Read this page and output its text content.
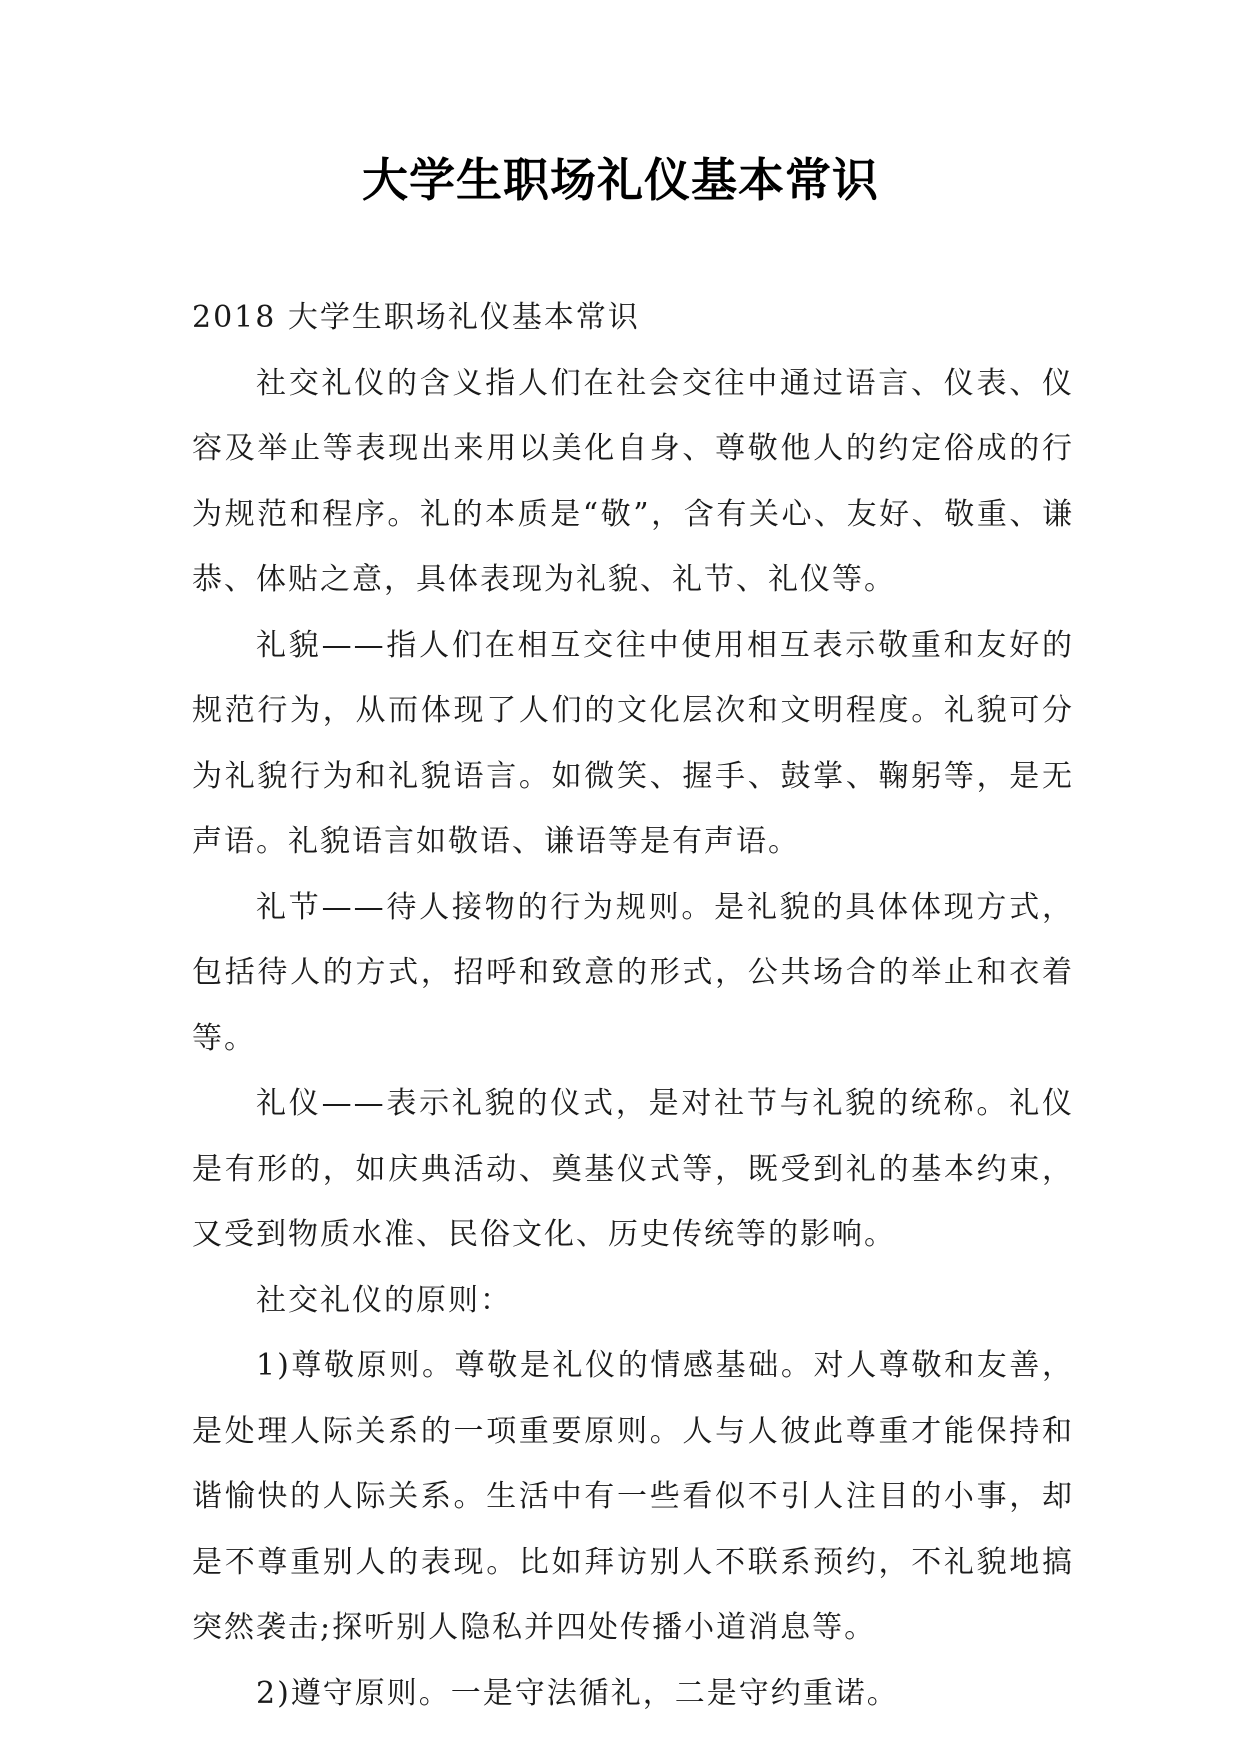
大学生职场礼仪基本常识

2018 大学生职场礼仪基本常识

社交礼仪的含义指人们在社会交往中通过语言、仪表、仪容及举止等表现出来用以美化自身、尊敬他人的约定俗成的行为规范和程序。礼的本质是“敬”，含有关心、友好、敬重、谦恭、体贴之意，具体表现为礼貌、礼节、礼仪等。

礼貌——指人们在相互交往中使用相互表示敬重和友好的规范行为，从而体现了人们的文化层次和文明程度。礼貌可分为礼貌行为和礼貌语言。如微笑、握手、鼓掌、鞠躬等，是无声语。礼貌语言如敬语、谦语等是有声语。

礼节——待人接物的行为规则。是礼貌的具体体现方式，包括待人的方式，招呼和致意的形式，公共场合的举止和衣着等。

礼仪——表示礼貌的仪式，是对社节与礼貌的统称。礼仪是有形的，如庆典活动、奠基仪式等，既受到礼的基本约束，又受到物质水准、民俗文化、历史传统等的影响。

社交礼仪的原则：

1)尊敬原则。尊敬是礼仪的情感基础。对人尊敬和友善，是处理人际关系的一项重要原则。人与人彼此尊重才能保持和谐愉快的人际关系。生活中有一些看似不引人注目的小事，却是不尊重别人的表现。比如拜访别人不联系预约，不礼貌地搞突然袭击;探听别人隐私并四处传播小道消息等。

2)遵守原则。一是守法循礼，二是守约重诺。
